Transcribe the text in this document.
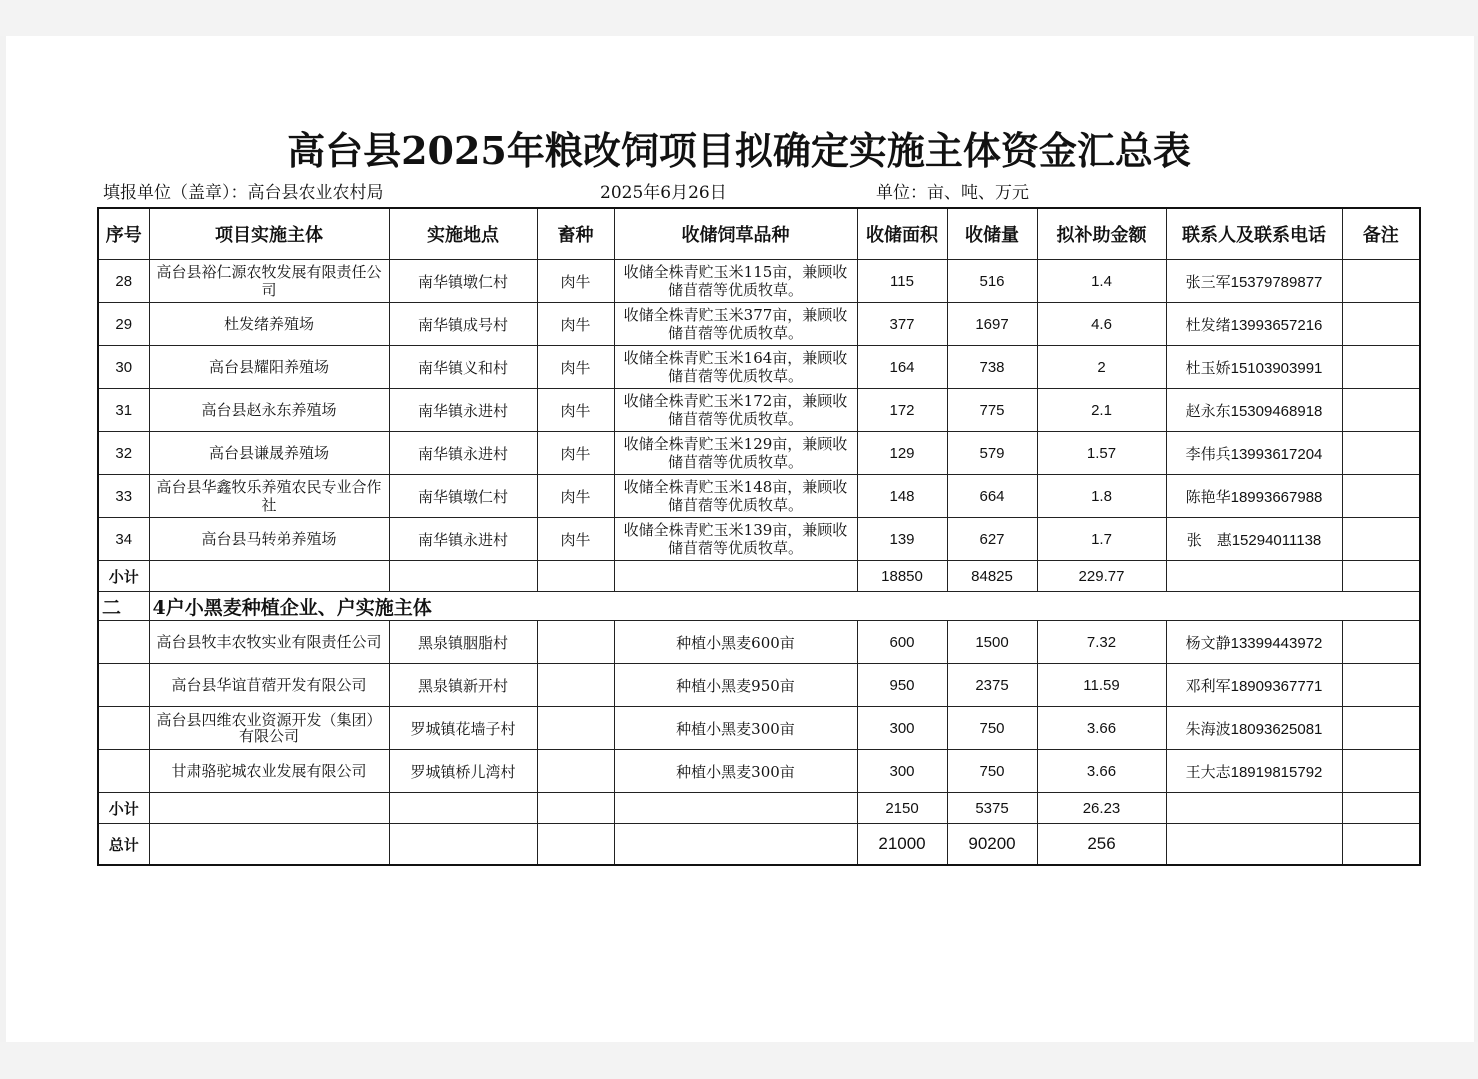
高台县2025年粮改饲项目拟确定实施主体资金汇总表
填报单位（盖章）：高台县农业农村局	2025年6月26日	单位：亩、吨、万元
序号	项目实施主体	实施地点	畜种	收储饲草品种	收储面积	收储量	拟补助金额	联系人及联系电话	备注
28	高台县裕仁源农牧发展有限责任公司	南华镇墩仁村	肉牛	收储全株青贮玉米115亩，兼顾收储苜蓿等优质牧草。	115	516	1.4	张三军15379789877	
29	杜发绪养殖场	南华镇成号村	肉牛	收储全株青贮玉米377亩，兼顾收储苜蓿等优质牧草。	377	1697	4.6	杜发绪13993657216	
30	高台县耀阳养殖场	南华镇义和村	肉牛	收储全株青贮玉米164亩，兼顾收储苜蓿等优质牧草。	164	738	2	杜玉娇15103903991	
31	高台县赵永东养殖场	南华镇永进村	肉牛	收储全株青贮玉米172亩，兼顾收储苜蓿等优质牧草。	172	775	2.1	赵永东15309468918	
32	高台县谦晟养殖场	南华镇永进村	肉牛	收储全株青贮玉米129亩，兼顾收储苜蓿等优质牧草。	129	579	1.57	李伟兵13993617204	
33	高台县华鑫牧乐养殖农民专业合作社	南华镇墩仁村	肉牛	收储全株青贮玉米148亩，兼顾收储苜蓿等优质牧草。	148	664	1.8	陈艳华18993667988	
34	高台县马转弟养殖场	南华镇永进村	肉牛	收储全株青贮玉米139亩，兼顾收储苜蓿等优质牧草。	139	627	1.7	张　惠15294011138	
小计					18850	84825	229.77		
二	4户小黑麦种植企业、户实施主体								
	高台县牧丰农牧实业有限责任公司	黑泉镇胭脂村		种植小黑麦600亩	600	1500	7.32	杨文静13399443972	
	高台县华谊苜蓿开发有限公司	黑泉镇新开村		种植小黑麦950亩	950	2375	11.59	邓利军18909367771	
	高台县四维农业资源开发（集团）有限公司	罗城镇花墙子村		种植小黑麦300亩	300	750	3.66	朱海波18093625081	
	甘肃骆驼城农业发展有限公司	罗城镇桥儿湾村		种植小黑麦300亩	300	750	3.66	王大志18919815792	
小计					2150	5375	26.23		
总计					21000	90200	256		
